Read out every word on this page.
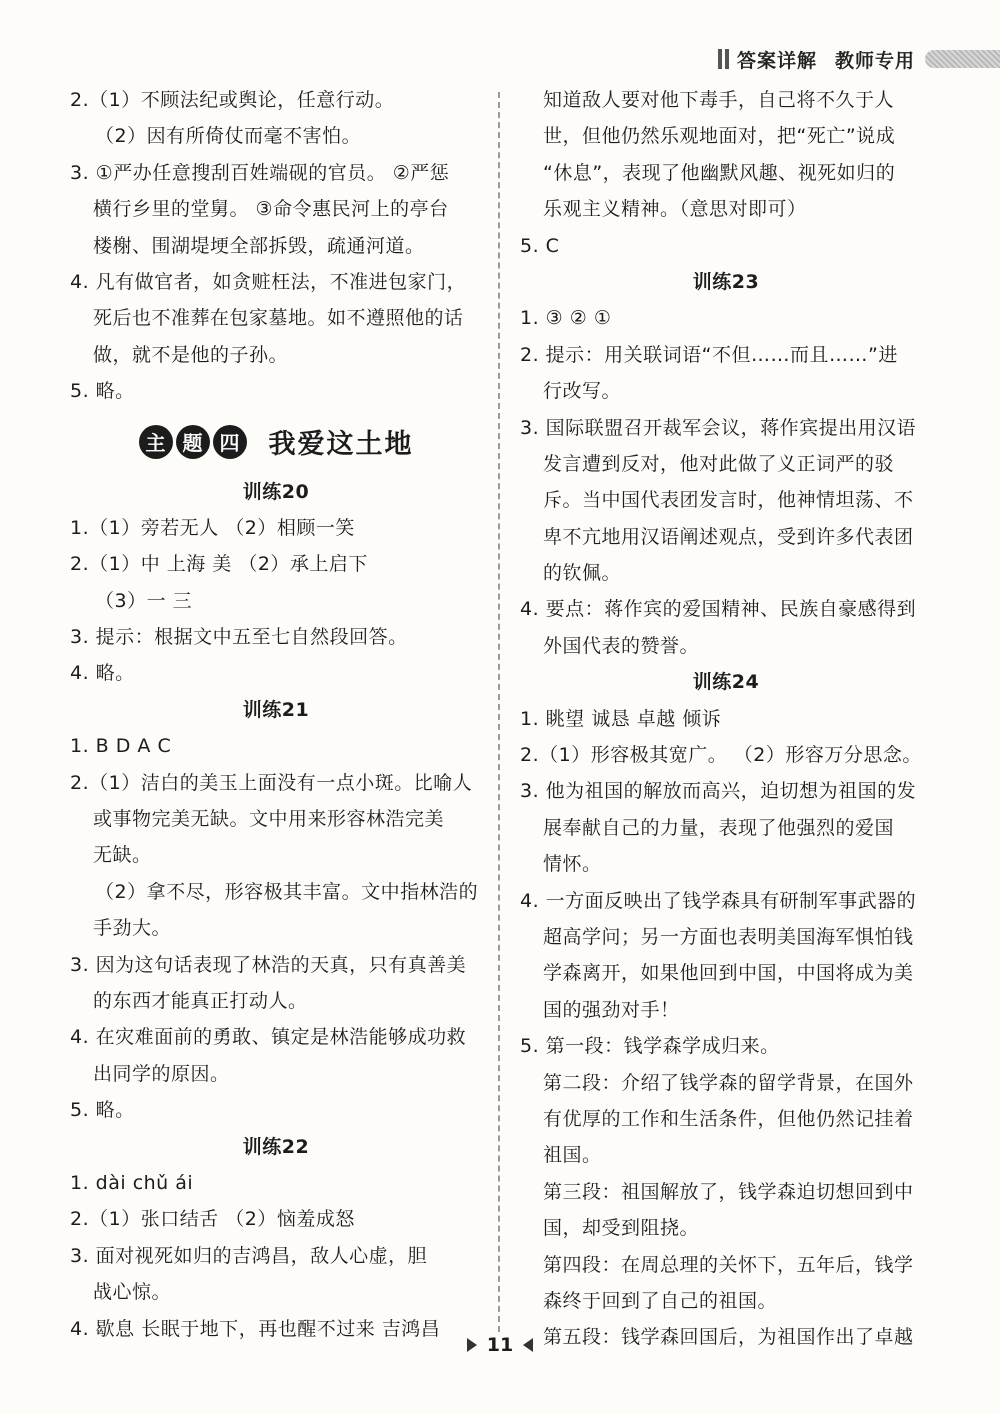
答案详解 教师专用
2.（1）不顾法纪或舆论，任意行动。
（2）因有所倚仗而毫不害怕。
3. ①严办任意搜刮百姓端砚的官员。 ②严惩
横行乡里的堂舅。 ③命令惠民河上的亭台
楼榭、围湖堤埂全部拆毁，疏通河道。
4. 凡有做官者，如贪赃枉法，不准进包家门，
死后也不准葬在包家墓地。如不遵照他的话
做，就不是他的子孙。
5. 略。
主 题 四 我爱这土地
训练20
1.（1）旁若无人 （2）相顾一笑
2.（1）中 上海 美 （2）承上启下
（3）一 三
3. 提示：根据文中五至七自然段回答。
4. 略。
训练21
1. B D A C
2.（1）洁白的美玉上面没有一点小斑。比喻人
或事物完美无缺。文中用来形容林浩完美
无缺。
（2）拿不尽，形容极其丰富。文中指林浩的
手劲大。
3. 因为这句话表现了林浩的天真，只有真善美
的东西才能真正打动人。
4. 在灾难面前的勇敢、镇定是林浩能够成功救
出同学的原因。
5. 略。
训练22
1. dài chǔ ái
2.（1）张口结舌 （2）恼羞成怒
3. 面对视死如归的吉鸿昌，敌人心虚，胆
战心惊。
4. 歇息 长眠于地下，再也醒不过来 吉鸿昌
知道敌人要对他下毒手，自己将不久于人
世，但他仍然乐观地面对，把“死亡”说成
“休息”，表现了他幽默风趣、视死如归的
乐观主义精神。（意思对即可）
5. C
训练23
1. ③ ② ①
2. 提示：用关联词语“不但……而且……”进
行改写。
3. 国际联盟召开裁军会议，蒋作宾提出用汉语
发言遭到反对，他对此做了义正词严的驳
斥。当中国代表团发言时，他神情坦荡、不
卑不亢地用汉语阐述观点，受到许多代表团
的钦佩。
4. 要点：蒋作宾的爱国精神、民族自豪感得到
外国代表的赞誉。
训练24
1. 眺望 诚恳 卓越 倾诉
2.（1）形容极其宽广。 （2）形容万分思念。
3. 他为祖国的解放而高兴，迫切想为祖国的发
展奉献自己的力量，表现了他强烈的爱国
情怀。
4. 一方面反映出了钱学森具有研制军事武器的
超高学问；另一方面也表明美国海军惧怕钱
学森离开，如果他回到中国，中国将成为美
国的强劲对手！
5. 第一段：钱学森学成归来。
第二段：介绍了钱学森的留学背景，在国外
有优厚的工作和生活条件，但他仍然记挂着
祖国。
第三段：祖国解放了，钱学森迫切想回到中
国，却受到阻挠。
第四段：在周总理的关怀下，五年后，钱学
森终于回到了自己的祖国。
第五段：钱学森回国后，为祖国作出了卓越
11
